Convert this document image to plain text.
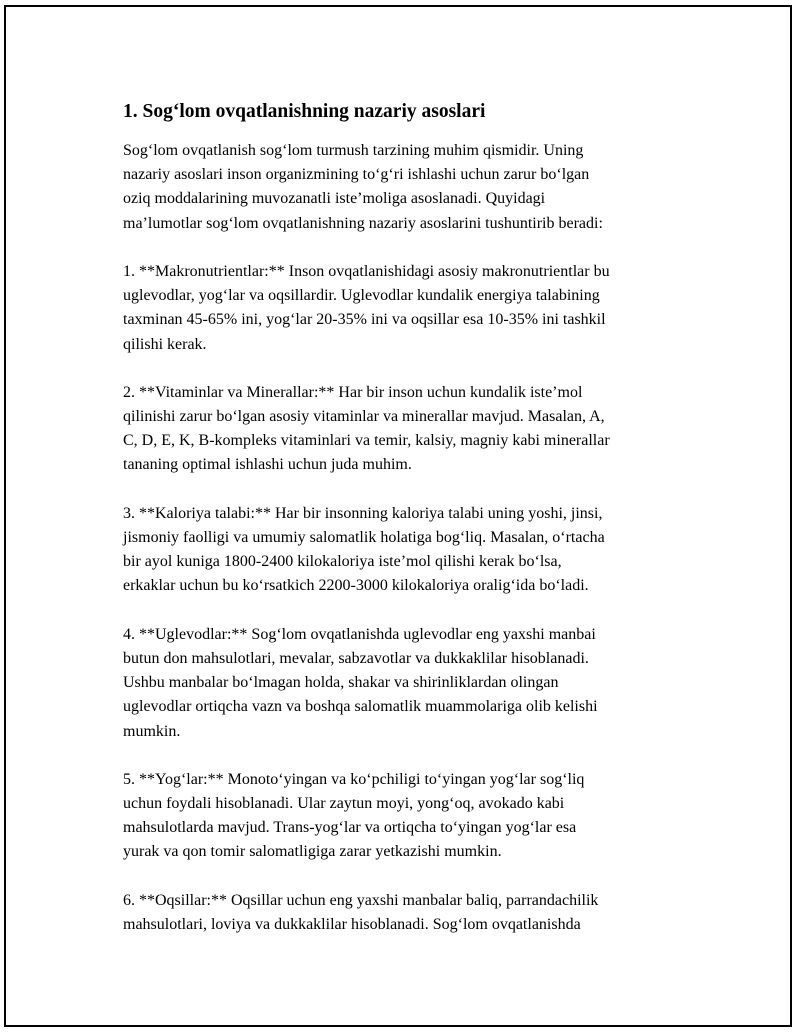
1. Sog‘lom ovqatlanishning nazariy asoslari
Sog‘lom ovqatlanish sog‘lom turmush tarzining muhim qismidir. Uning
nazariy asoslari inson organizmining to‘g‘ri ishlashi uchun zarur bo‘lgan
oziq moddalarining muvozanatli iste’moliga asoslanadi. Quyidagi
ma’lumotlar sog‘lom ovqatlanishning nazariy asoslarini tushuntirib beradi:
1. **Makronutrientlar:** Inson ovqatlanishidagi asosiy makronutrientlar bu
uglevodlar, yog‘lar va oqsillardir. Uglevodlar kundalik energiya talabining
taxminan 45-65% ini, yog‘lar 20-35% ini va oqsillar esa 10-35% ini tashkil
qilishi kerak.
2. **Vitaminlar va Minerallar:** Har bir inson uchun kundalik iste’mol
qilinishi zarur bo‘lgan asosiy vitaminlar va minerallar mavjud. Masalan, A,
C, D, E, K, B-kompleks vitaminlari va temir, kalsiy, magniy kabi minerallar
tananing optimal ishlashi uchun juda muhim.
3. **Kaloriya talabi:** Har bir insonning kaloriya talabi uning yoshi, jinsi,
jismoniy faolligi va umumiy salomatlik holatiga bog‘liq. Masalan, o‘rtacha
bir ayol kuniga 1800-2400 kilokaloriya iste’mol qilishi kerak bo‘lsa,
erkaklar uchun bu ko‘rsatkich 2200-3000 kilokaloriya oralig‘ida bo‘ladi.
4. **Uglevodlar:** Sog‘lom ovqatlanishda uglevodlar eng yaxshi manbai
butun don mahsulotlari, mevalar, sabzavotlar va dukkaklilar hisoblanadi.
Ushbu manbalar bo‘lmagan holda, shakar va shirinliklardan olingan
uglevodlar ortiqcha vazn va boshqa salomatlik muammolariga olib kelishi
mumkin.
5. **Yog‘lar:** Monoto‘yingan va ko‘pchiligi to‘yingan yog‘lar sog‘liq
uchun foydali hisoblanadi. Ular zaytun moyi, yong‘oq, avokado kabi
mahsulotlarda mavjud. Trans-yog‘lar va ortiqcha to‘yingan yog‘lar esa
yurak va qon tomir salomatligiga zarar yetkazishi mumkin.
6. **Oqsillar:** Oqsillar uchun eng yaxshi manbalar baliq, parrandachilik
mahsulotlari, loviya va dukkaklilar hisoblanadi. Sog‘lom ovqatlanishda
